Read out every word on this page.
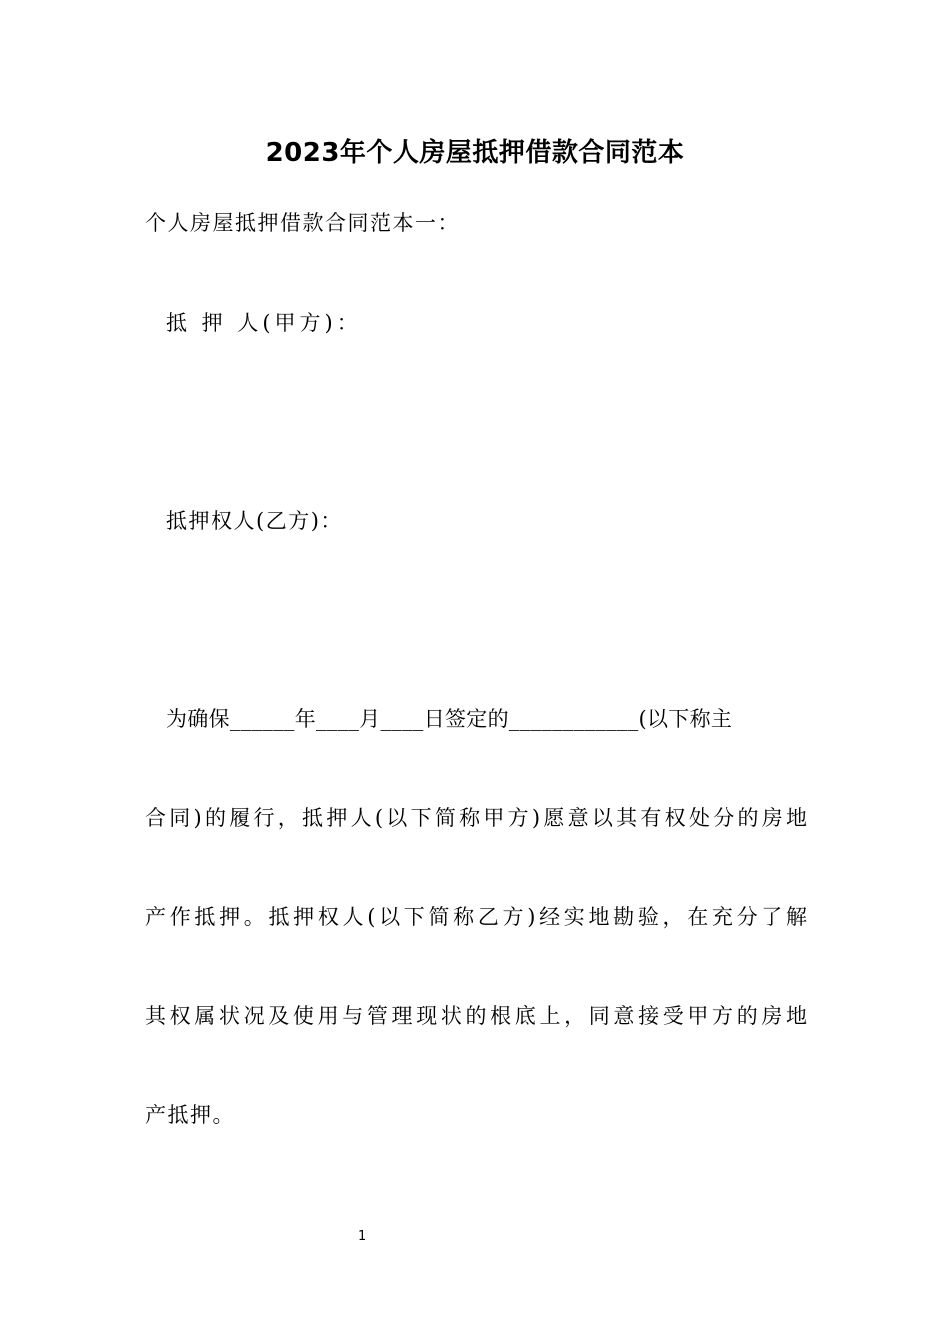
2023年个人房屋抵押借款合同范本
个人房屋抵押借款合同范本一：
抵 押 人(甲方)：
抵押权人(乙方)：
为确保______年____月____日签定的____________(以下称主
合同)的履行，抵押人(以下简称甲方)愿意以其有权处分的房地
产作抵押。抵押权人(以下简称乙方)经实地勘验，在充分了解
其权属状况及使用与管理现状的根底上，同意接受甲方的房地
产抵押。
1
